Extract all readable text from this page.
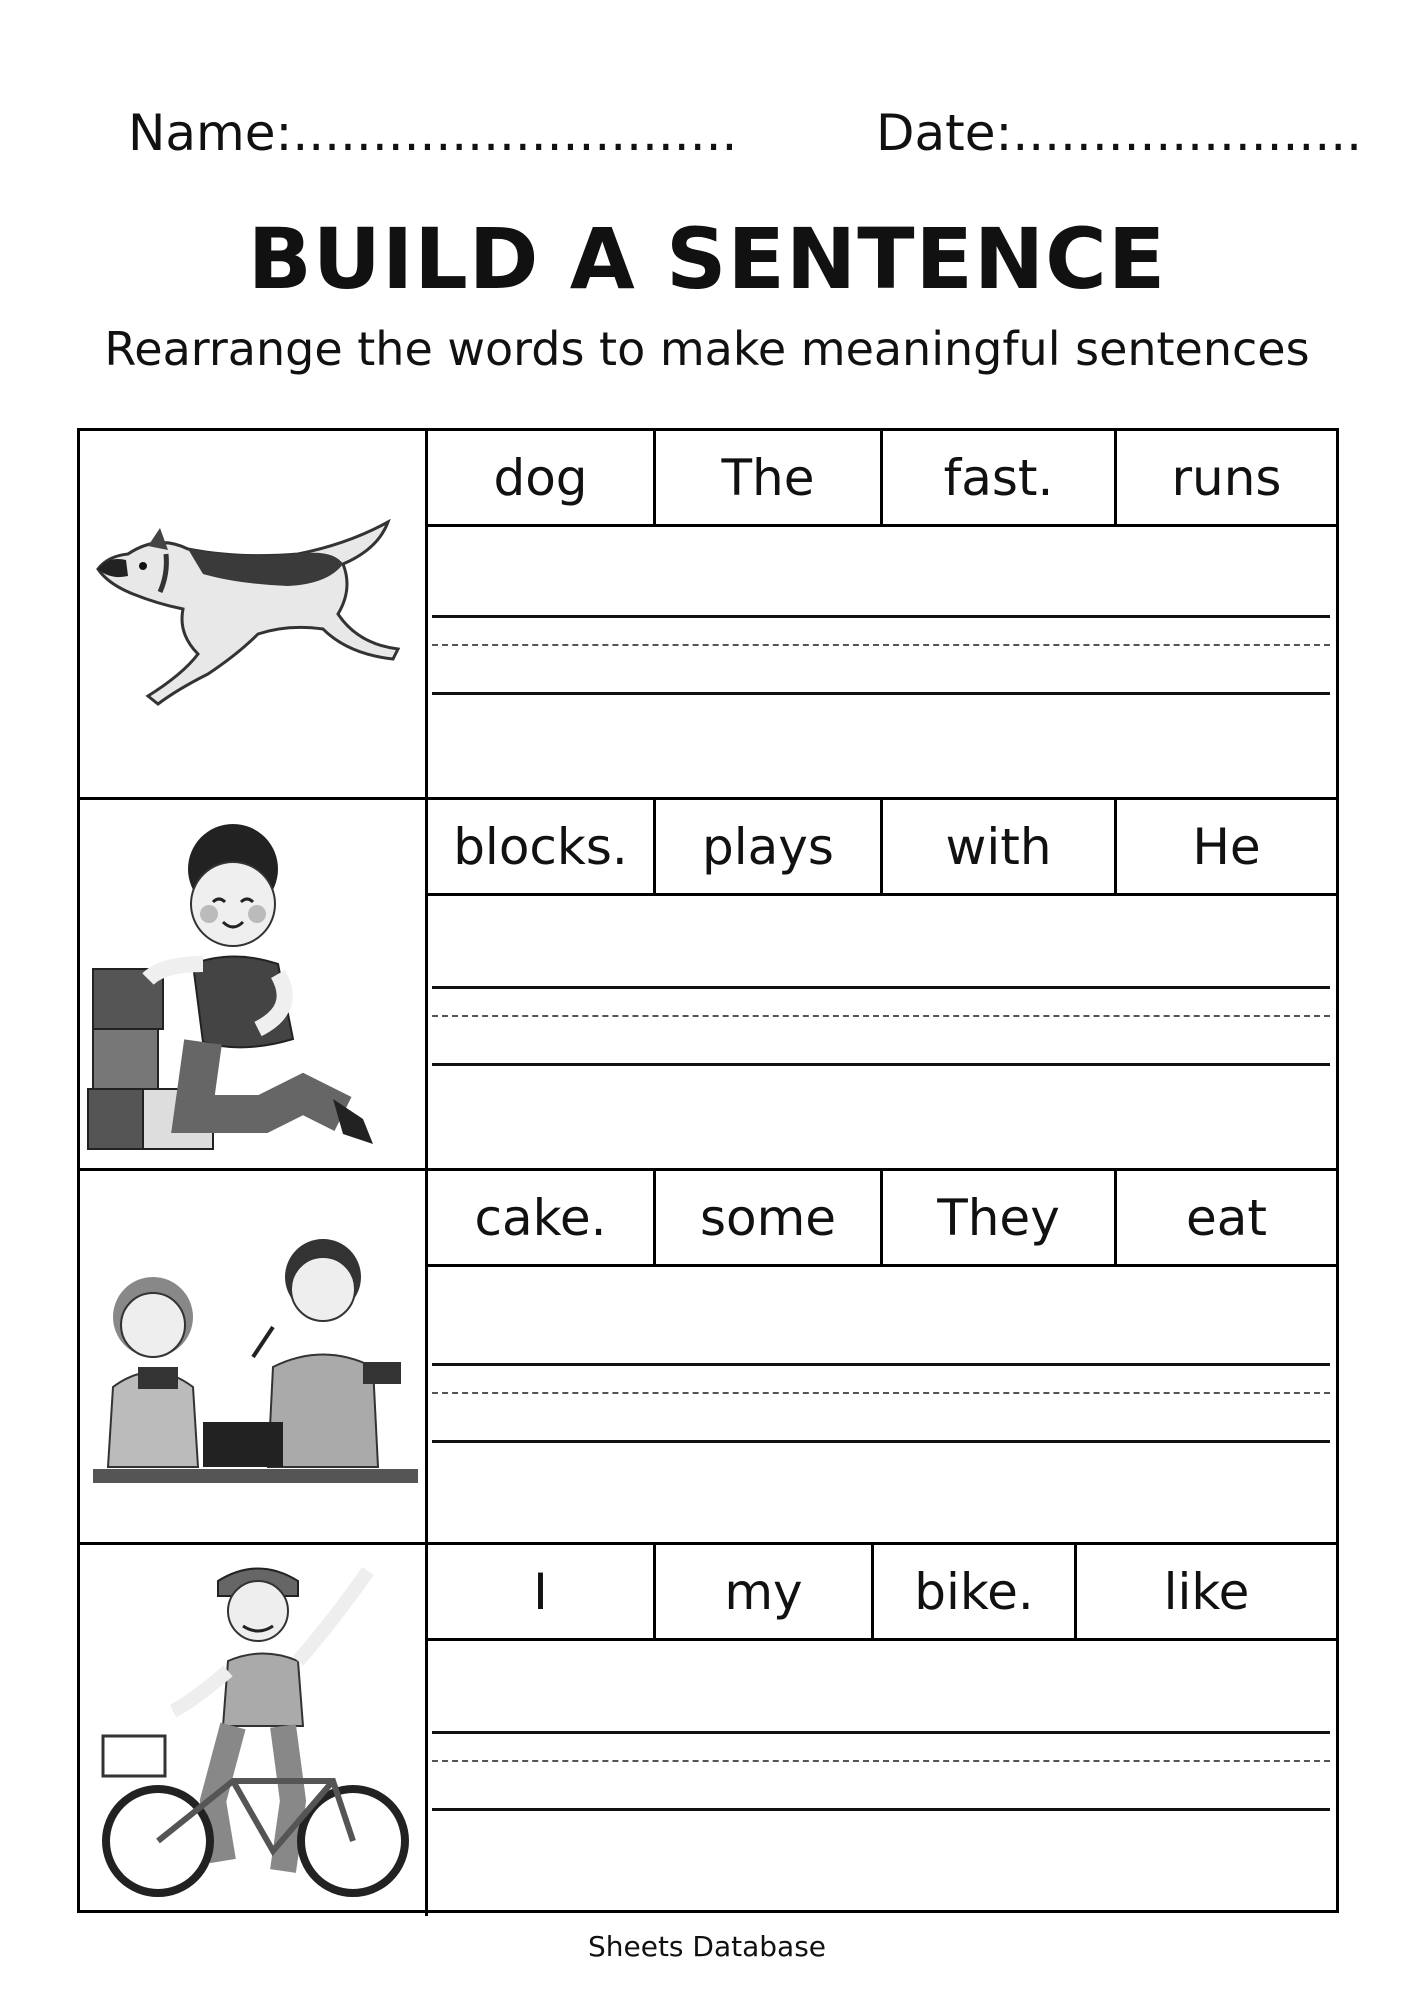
Name:............................	Date:......................
BUILD A SENTENCE
Rearrange the words to make meaningful sentences
dog	The	fast.	runs
blocks.	plays	with	He
cake.	some	They	eat
I	my	bike.	like
Sheets Database
